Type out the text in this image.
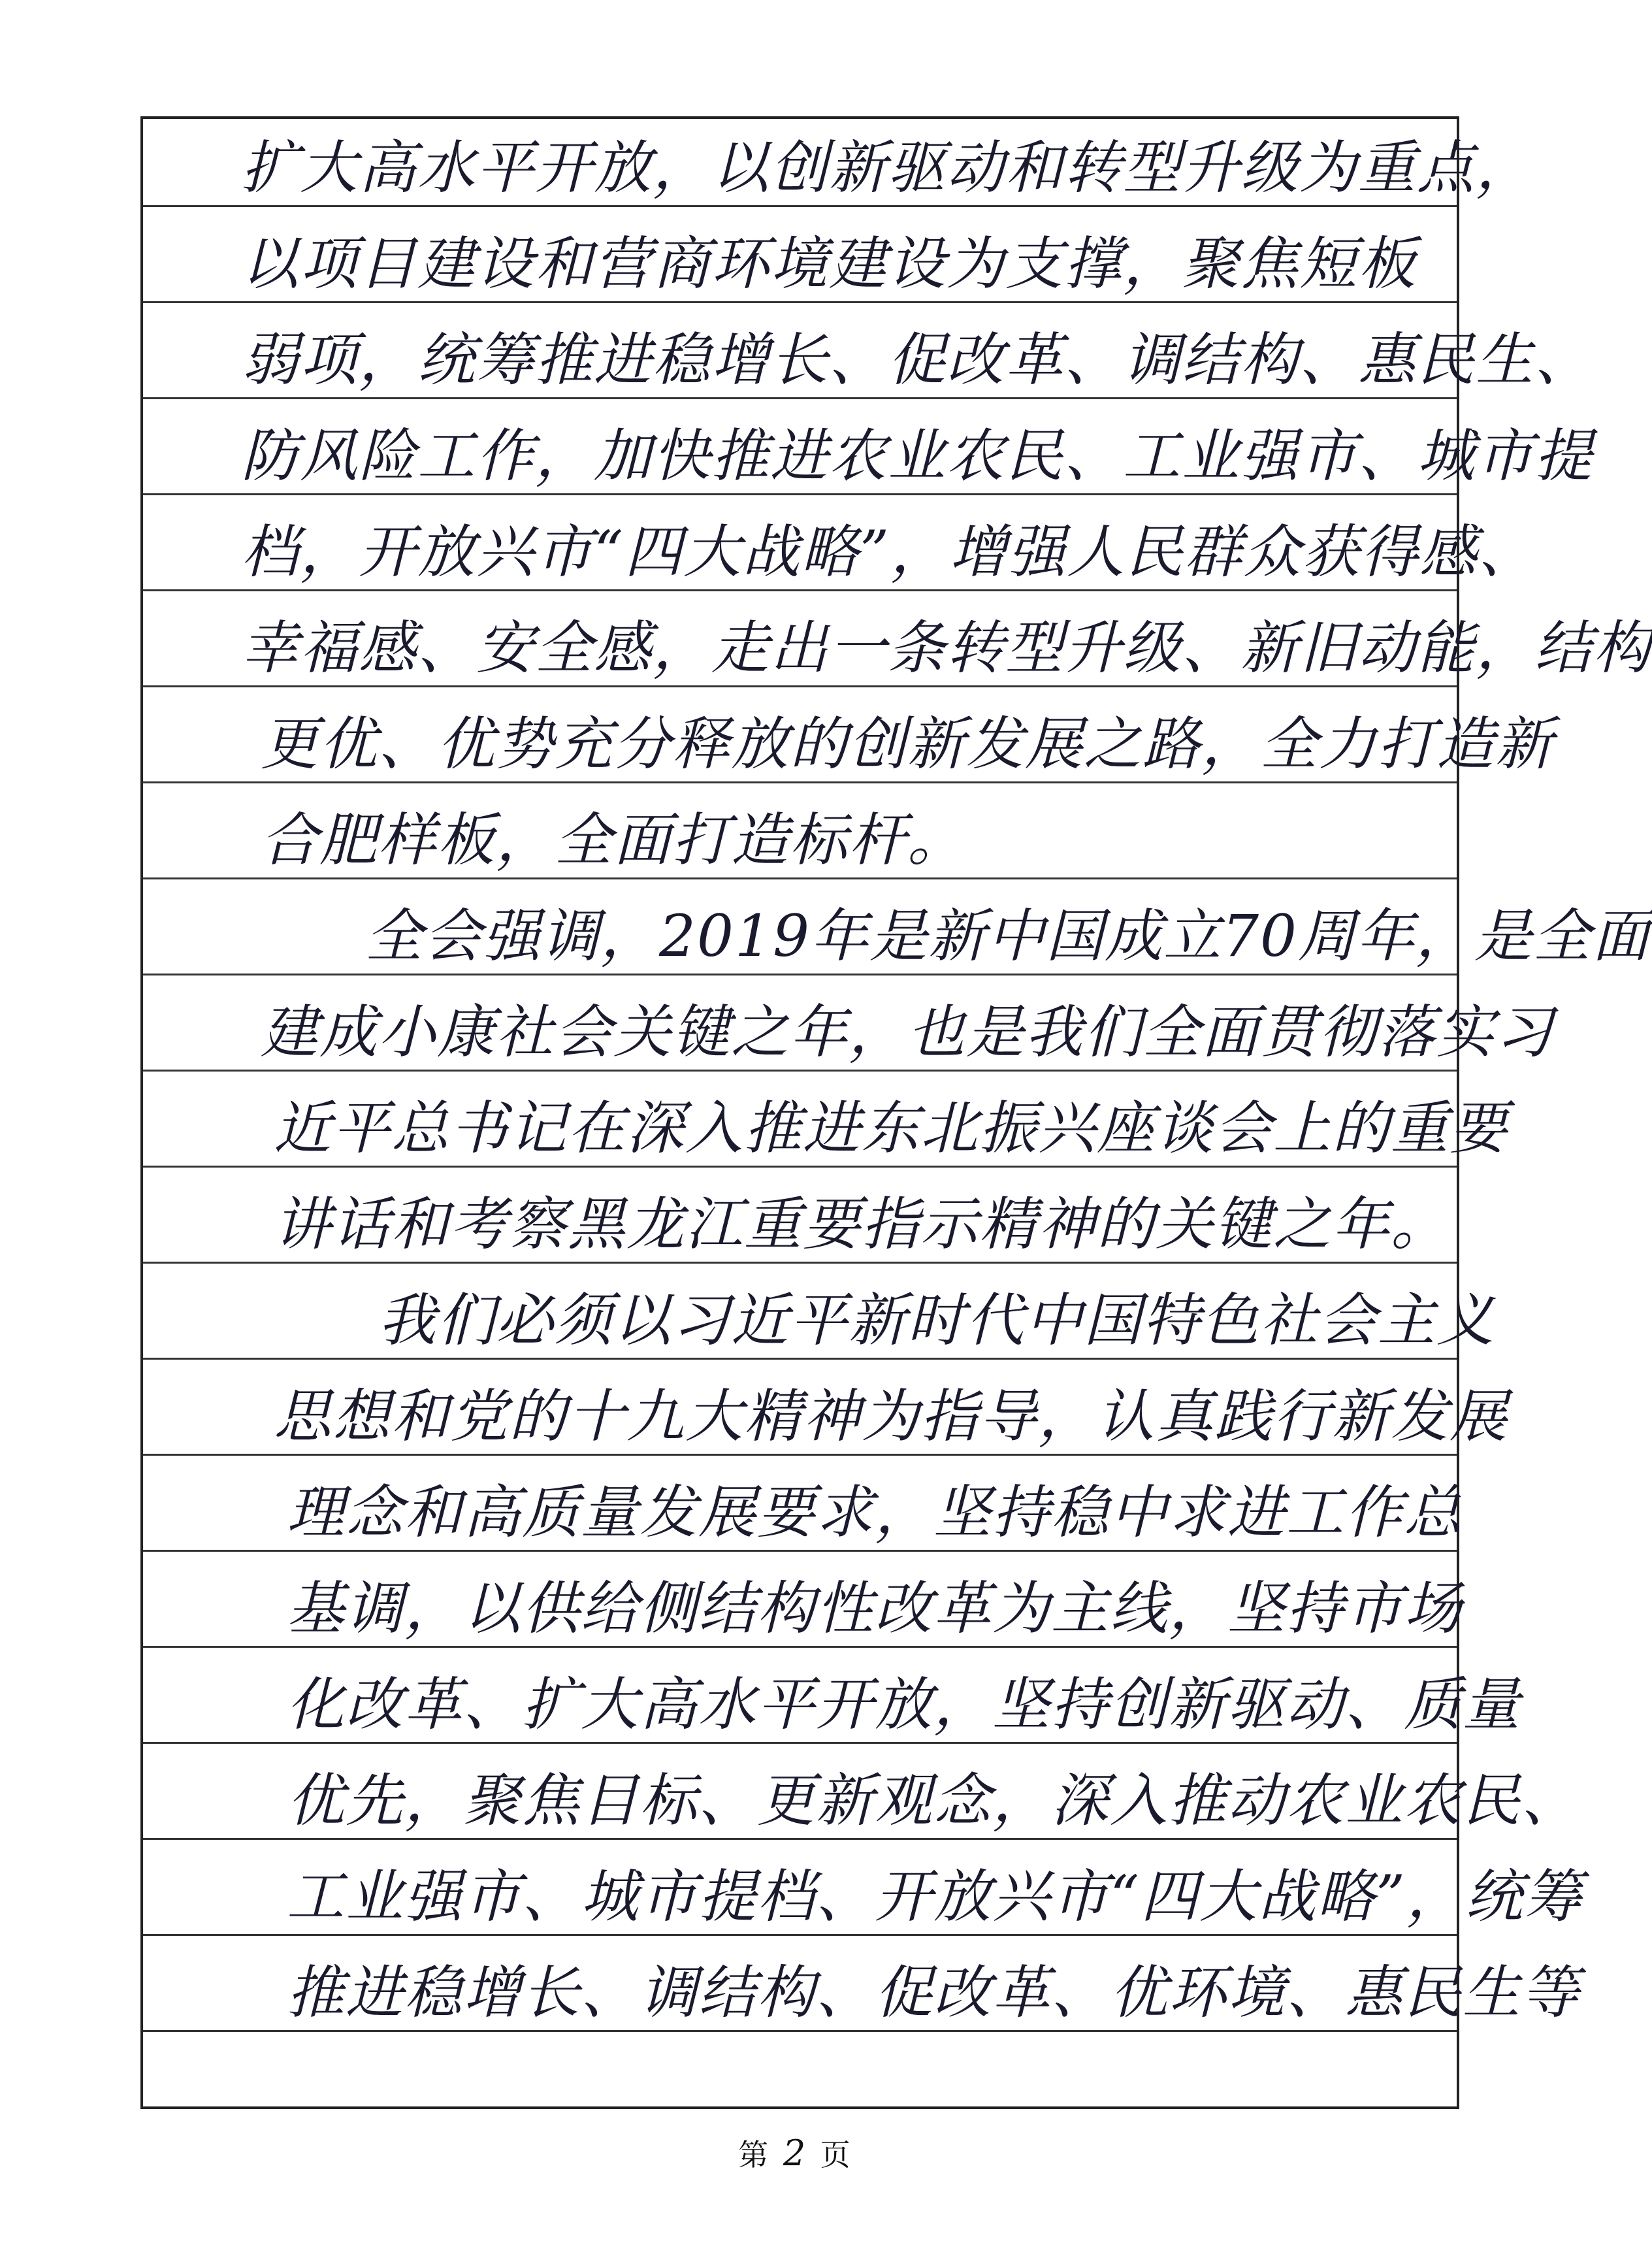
扩大高水平开放，以创新驱动和转型升级为重点，
以项目建设和营商环境建设为支撑，聚焦短板
弱项，统筹推进稳增长、促改革、调结构、惠民生、
防风险工作，加快推进农业农民、工业强市、城市提
档，开放兴市“四大战略”，增强人民群众获得感、
幸福感、安全感，走出一条转型升级、新旧动能，结构
更优、优势充分释放的创新发展之路，全力打造新
合肥样板，全面打造标杆。
全会强调，2019年是新中国成立70周年，是全面
建成小康社会关键之年，也是我们全面贯彻落实习
近平总书记在深入推进东北振兴座谈会上的重要
讲话和考察黑龙江重要指示精神的关键之年。
我们必须以习近平新时代中国特色社会主义
思想和党的十九大精神为指导，认真践行新发展
理念和高质量发展要求，坚持稳中求进工作总
基调，以供给侧结构性改革为主线，坚持市场
化改革、扩大高水平开放，坚持创新驱动、质量
优先，聚焦目标、更新观念，深入推动农业农民、
工业强市、城市提档、开放兴市“四大战略”，统筹
推进稳增长、调结构、促改革、优环境、惠民生等
第 2 页
